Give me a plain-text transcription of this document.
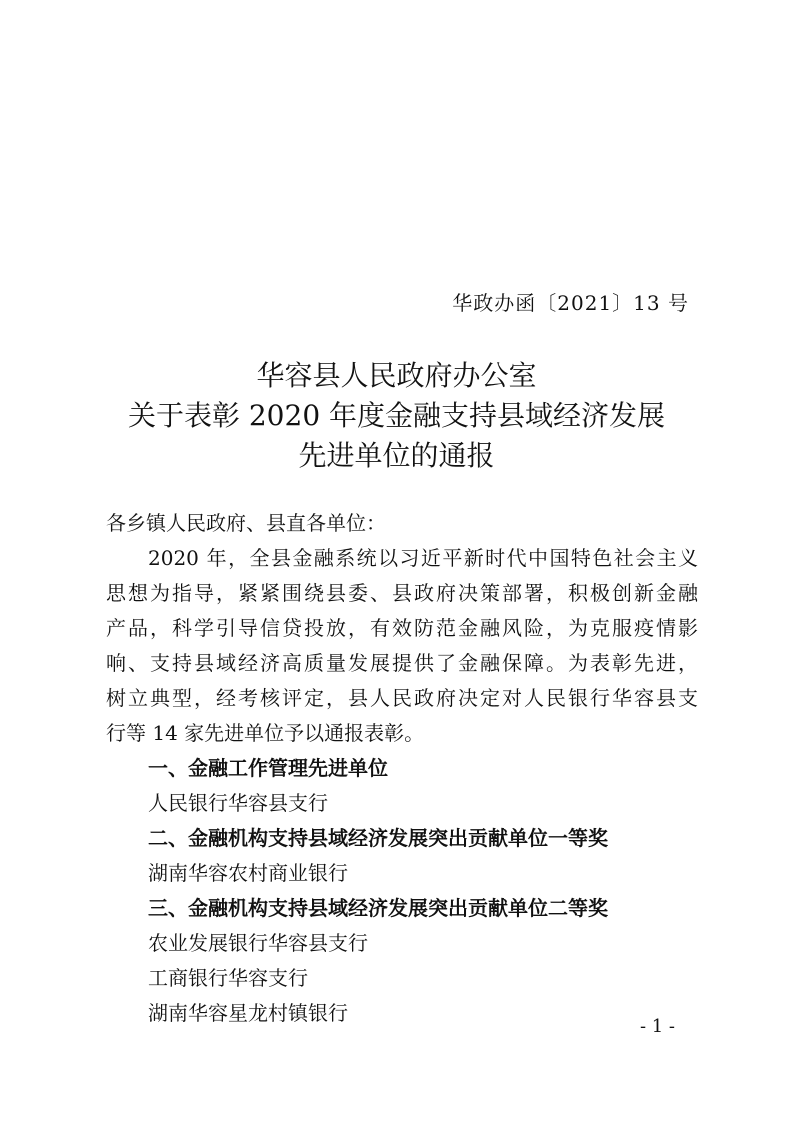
华政办函〔2021〕13 号
华容县人民政府办公室
关于表彰 2020 年度金融支持县域经济发展
先进单位的通报

各乡镇人民政府、县直各单位：

2020 年，全县金融系统以习近平新时代中国特色社会主义

思想为指导，紧紧围绕县委、县政府决策部署，积极创新金融

产品，科学引导信贷投放，有效防范金融风险，为克服疫情影

响、支持县域经济高质量发展提供了金融保障。为表彰先进，

树立典型，经考核评定，县人民政府决定对人民银行华容县支

行等 14 家先进单位予以通报表彰。

一、金融工作管理先进单位

人民银行华容县支行

二、金融机构支持县域经济发展突出贡献单位一等奖

湖南华容农村商业银行

三、金融机构支持县域经济发展突出贡献单位二等奖

农业发展银行华容县支行

工商银行华容支行

湖南华容星龙村镇银行

- 1 -
